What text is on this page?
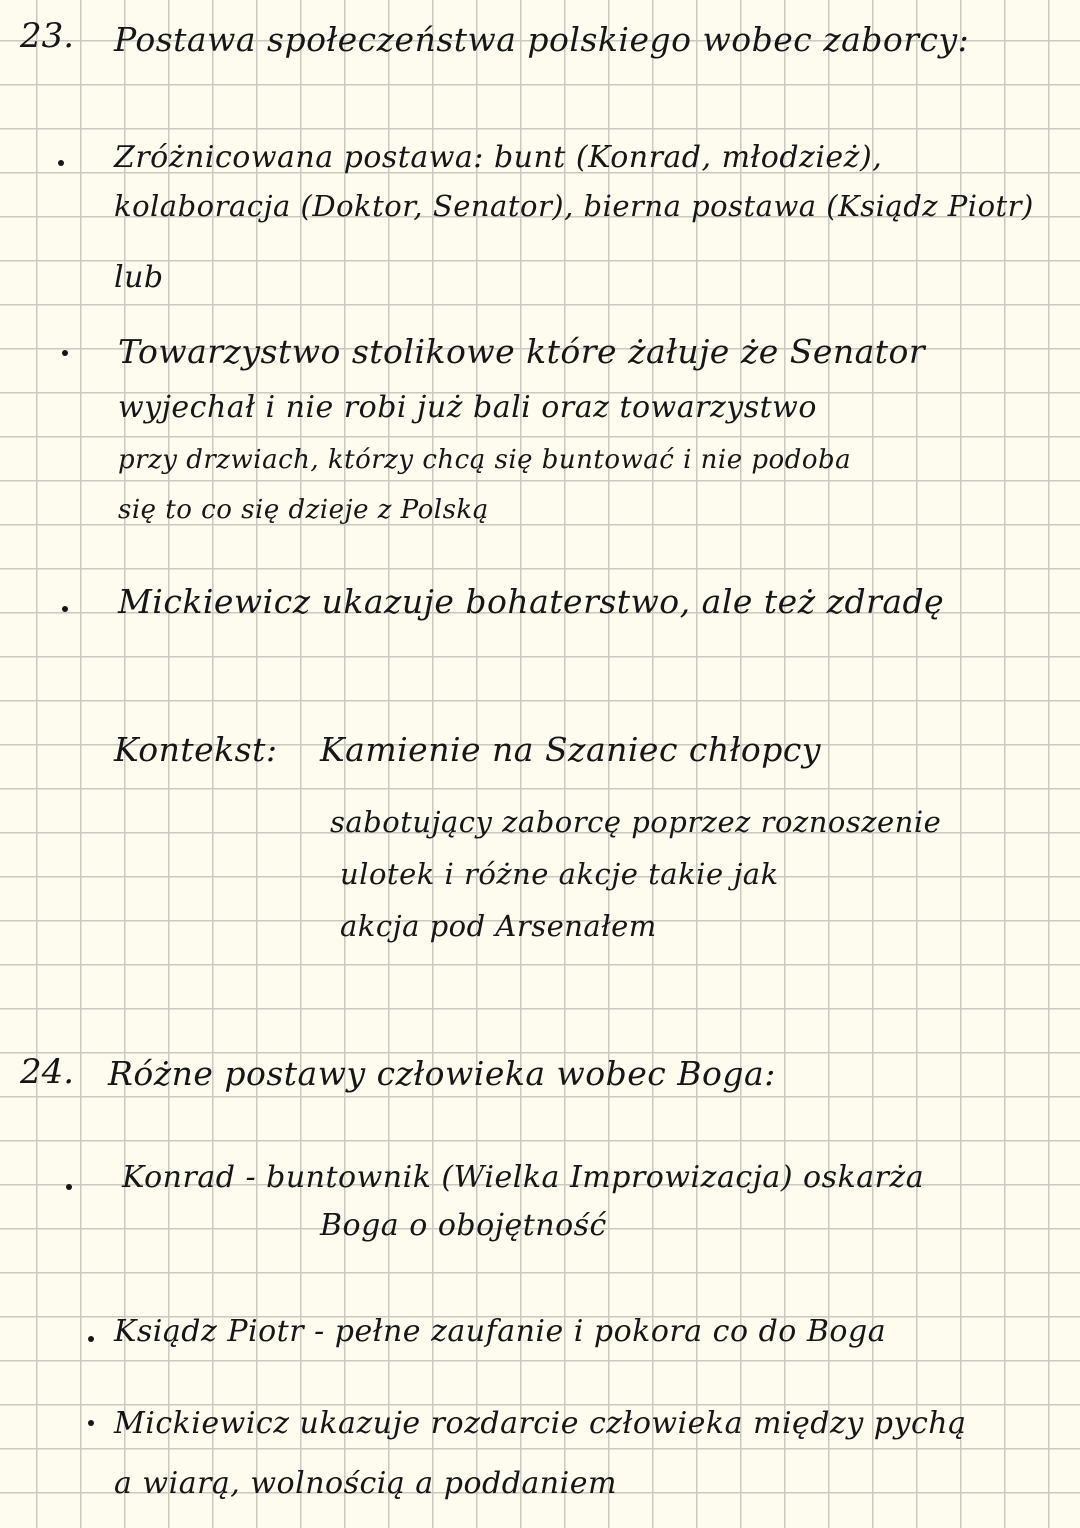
23. Postawa społeczeństwa polskiego wobec zaborcy:
Zróżnicowana postawa: bunt (Konrad, młodzież),
kolaboracja (Doktor, Senator), bierna postawa (Ksiądz Piotr)
lub
Towarzystwo stolikowe które żałuje że Senator
wyjechał i nie robi już bali oraz towarzystwo
przy drzwiach, którzy chcą się buntować i nie podoba
się to co się dzieje z Polską
Mickiewicz ukazuje bohaterstwo, ale też zdradę
Kontekst: Kamienie na Szaniec chłopcy
sabotujący zaborcę poprzez roznoszenie
ulotek i różne akcje takie jak
akcja pod Arsenałem
24. Różne postawy człowieka wobec Boga:
Konrad - buntownik (Wielka Improwizacja) oskarża
Boga o obojętność
Ksiądz Piotr - pełne zaufanie i pokora co do Boga
Mickiewicz ukazuje rozdarcie człowieka między pychą
a wiarą, wolnością a poddaniem
